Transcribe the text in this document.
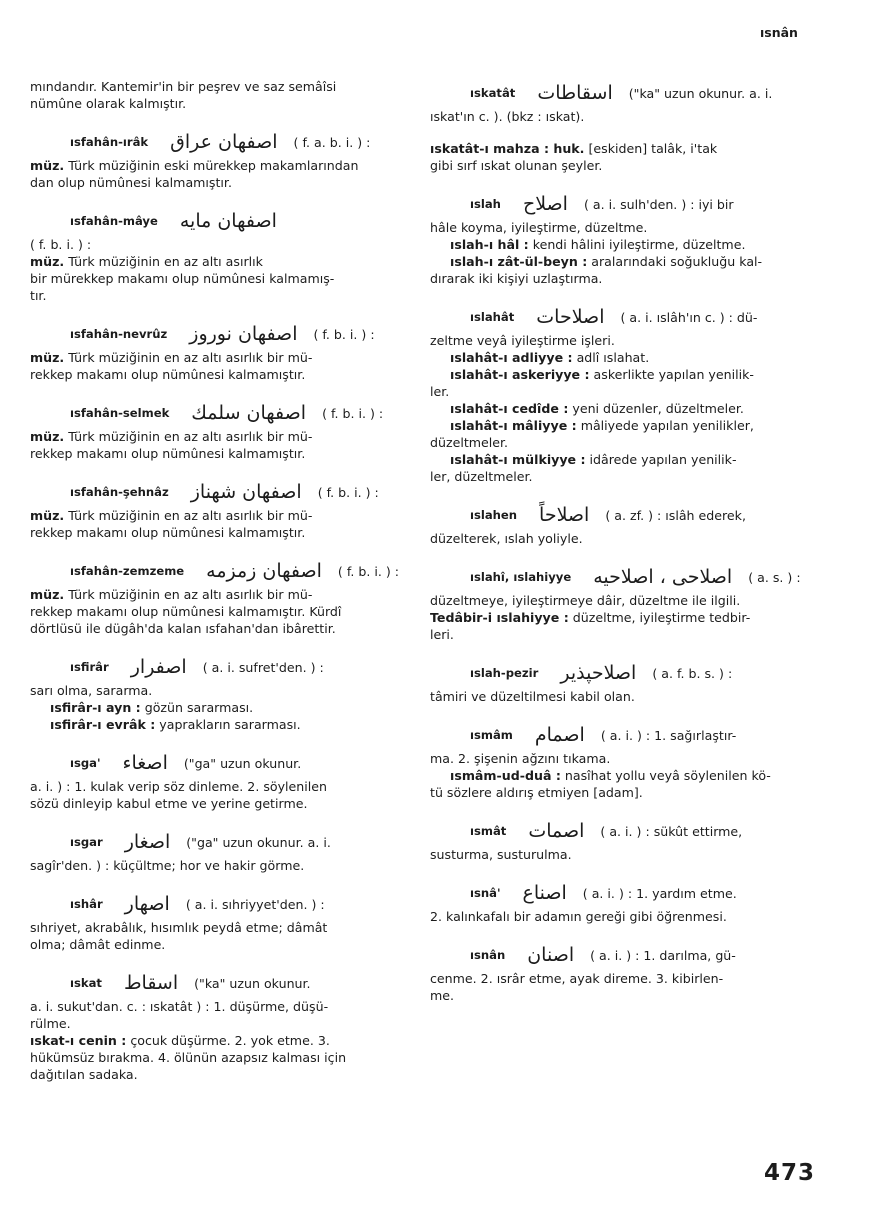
ısnân
mındandır. Kantemir'in bir peşrev ve saz semâîsi
nümûne olarak kalmıştır.
ısfahân-ırâk اصفهان عراق ( f. a. b. i. ) :
müz. Türk müziğinin eski mürekkep makamlarından
dan olup nümûnesi kalmamıştır.
ısfahân-mâye اصفهان مايه
( f. b. i. ) :
müz. Türk müziğinin en az altı asırlık
bir mürekkep makamı olup nümûnesi kalmamış-
tır.
ısfahân-nevrûz اصفهان نوروز ( f. b. i. ) :
müz. Türk müziğinin en az altı asırlık bir mü-
rekkep makamı olup nümûnesi kalmamıştır.
ısfahân-selmek اصفهان سلمك ( f. b. i. ) :
müz. Türk müziğinin en az altı asırlık bir mü-
rekkep makamı olup nümûnesi kalmamıştır.
ısfahân-şehnâz اصفهان شهناز ( f. b. i. ) :
müz. Türk müziğinin en az altı asırlık bir mü-
rekkep makamı olup nümûnesi kalmamıştır.
ısfahân-zemzeme اصفهان زمزمه ( f. b. i. ) :
müz. Türk müziğinin en az altı asırlık bir mü-
rekkep makamı olup nümûnesi kalmamıştır. Kürdî
dörtlüsü ile dügâh'da kalan ısfahan'dan ibârettir.
ısfirâr اصفرار ( a. i. sufret'den. ) :
sarı olma, sararma.
ısfirâr-ı ayn : gözün sararması.
ısfirâr-ı evrâk : yaprakların sararması.
ısga' اصغاء ("ga" uzun okunur.
a. i. ) : 1. kulak verip söz dinleme. 2. söylenilen
sözü dinleyip kabul etme ve yerine getirme.
ısgar اصغار ("ga" uzun okunur. a. i.
sagîr'den. ) : küçültme; hor ve hakir görme.
ıshâr اصهار ( a. i. sıhriyyet'den. ) :
sıhriyet, akrabâlık, hısımlık peydâ etme; dâmât
olma; dâmât edinme.
ıskat اسقاط ("ka" uzun okunur.
a. i. sukut'dan. c. : ıskatât ) : 1. düşürme, düşü-
rülme.
ıskat-ı cenin : çocuk düşürme. 2. yok etme. 3.
hükümsüz bırakma. 4. ölünün azapsız kalması için
dağıtılan sadaka.
ıskatât اسقاطات ("ka" uzun okunur. a. i.
ıskat'ın c. ). (bkz : ıskat).
ıskatât-ı mahza : huk. [eskiden] talâk, i'tak
gibi sırf ıskat olunan şeyler.
ıslah اصلاح ( a. i. sulh'den. ) : iyi bir
hâle koyma, iyileştirme, düzeltme.
ıslah-ı hâl : kendi hâlini iyileştirme, düzeltme.
ıslah-ı zât-ül-beyn : aralarındaki soğukluğu kal-
dırarak iki kişiyi uzlaştırma.
ıslahât اصلاحات ( a. i. ıslâh'ın c. ) : dü-
zeltme veyâ iyileştirme işleri.
ıslahât-ı adliyye : adlî ıslahat.
ıslahât-ı askeriyye : askerlikte yapılan yenilik-
ler.
ıslahât-ı cedîde : yeni düzenler, düzeltmeler.
ıslahât-ı mâliyye : mâliyede yapılan yenilikler,
düzeltmeler.
ıslahât-ı mülkiyye : idârede yapılan yenilik-
ler, düzeltmeler.
ıslahen اصلاحاً ( a. zf. ) : ıslâh ederek,
düzelterek, ıslah yoliyle.
ıslahî, ıslahiyye اصلاحى ، اصلاحيه ( a. s. ) :
düzeltmeye, iyileştirmeye dâir, düzeltme ile ilgili.
Tedâbir-i ıslahiyye : düzeltme, iyileştirme tedbir-
leri.
ıslah-pezir اصلاحپذير ( a. f. b. s. ) :
tâmiri ve düzeltilmesi kabil olan.
ısmâm اصمام ( a. i. ) : 1. sağırlaştır-
ma. 2. şişenin ağzını tıkama.
ısmâm-ud-duâ : nasîhat yollu veyâ söylenilen kö-
tü sözlere aldırış etmiyen [adam].
ısmât اصمات ( a. i. ) : sükût ettirme,
susturma, susturulma.
ısnâ' اصناع ( a. i. ) : 1. yardım etme.
2. kalınkafalı bir adamın gereği gibi öğrenmesi.
ısnân اصنان ( a. i. ) : 1. darılma, gü-
cenme. 2. ısrâr etme, ayak direme. 3. kibirlen-
me.
473
